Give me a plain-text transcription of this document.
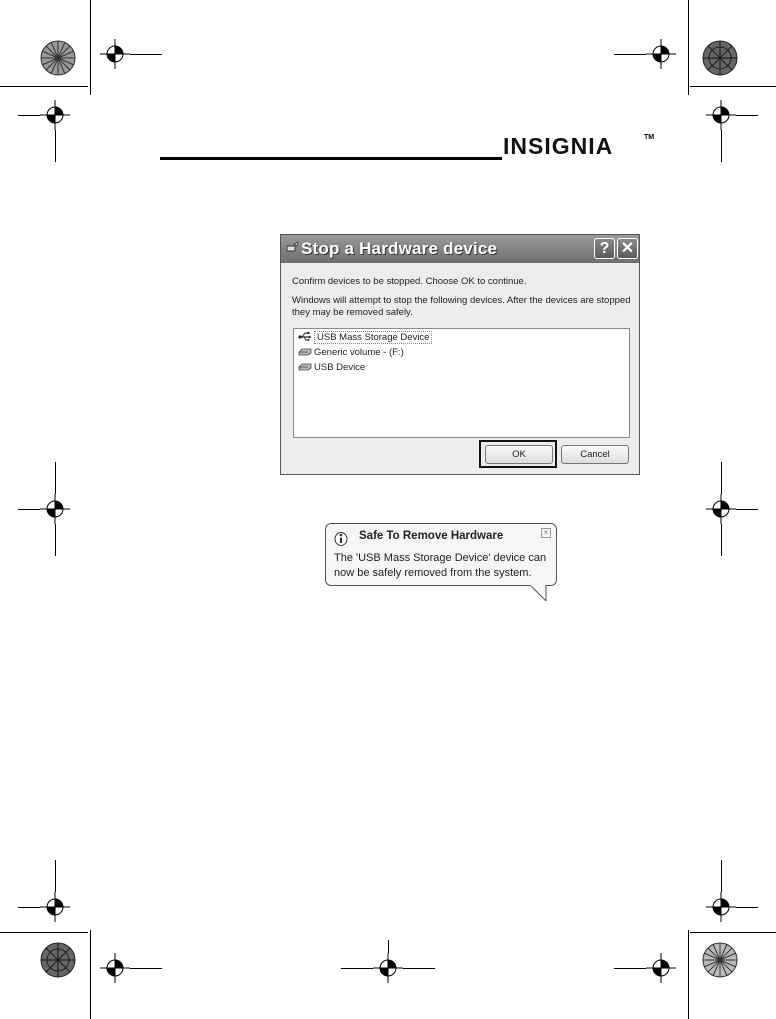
INSIGNIA	TM
Stop a Hardware device	? ✕
Confirm devices to be stopped. Choose OK to continue.
Windows will attempt to stop the following devices. After the devices are stopped they may be removed safely.
USB Mass Storage Device
Generic volume - (F:)
USB Device
OK	Cancel
Safe To Remove Hardware	×
The 'USB Mass Storage Device' device can now be safely removed from the system.
